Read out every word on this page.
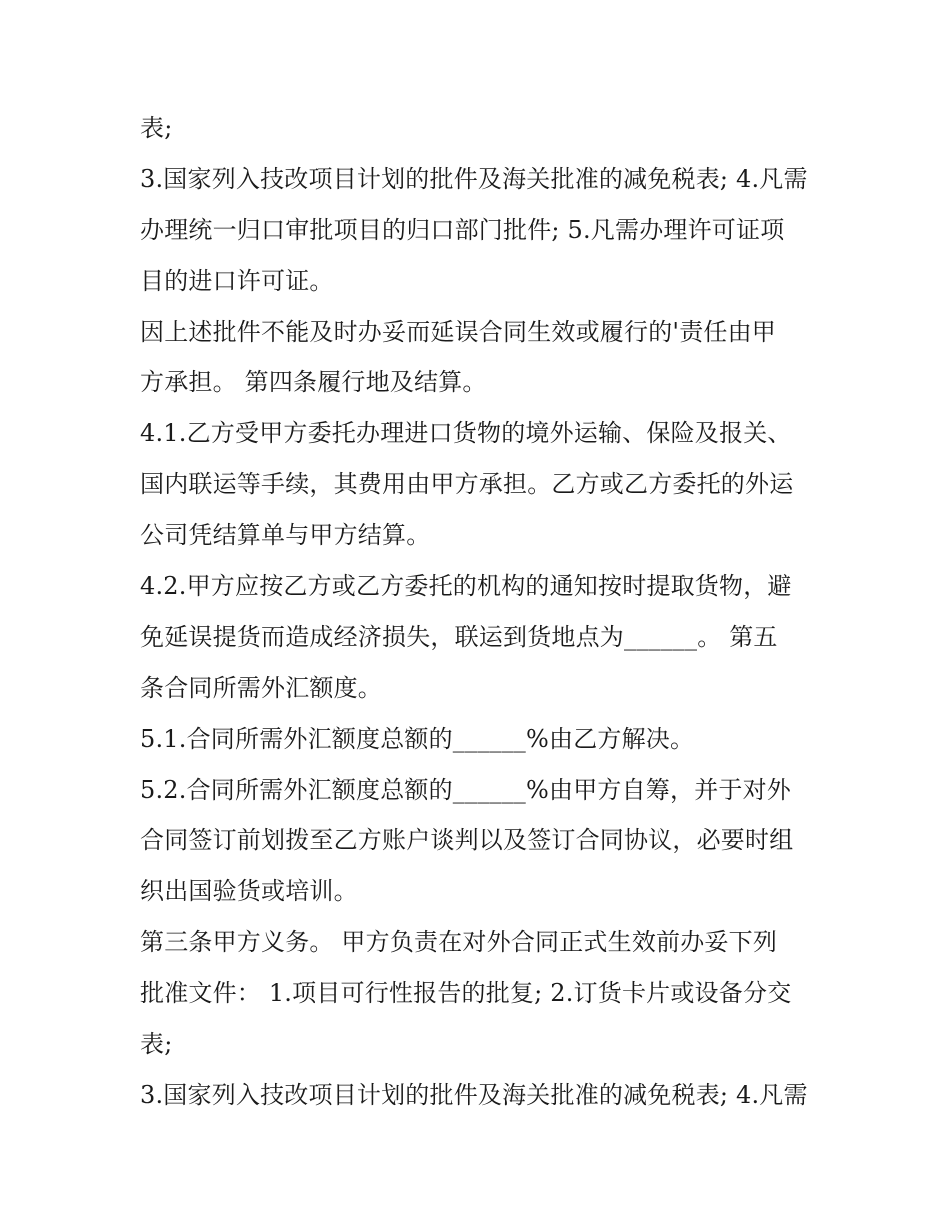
表;
3.国家列入技改项目计划的批件及海关批准的减免税表; 4.凡需
办理统一归口审批项目的归口部门批件; 5.凡需办理许可证项
目的进口许可证。
因上述批件不能及时办妥而延误合同生效或履行的'责任由甲
方承担。 第四条履行地及结算。
4.1.乙方受甲方委托办理进口货物的境外运输、保险及报关、
国内联运等手续，其费用由甲方承担。乙方或乙方委托的外运
公司凭结算单与甲方结算。
4.2.甲方应按乙方或乙方委托的机构的通知按时提取货物，避
免延误提货而造成经济损失，联运到货地点为______。 第五
条合同所需外汇额度。
5.1.合同所需外汇额度总额的______%由乙方解决。
5.2.合同所需外汇额度总额的______%由甲方自筹，并于对外
合同签订前划拨至乙方账户谈判以及签订合同协议，必要时组
织出国验货或培训。
第三条甲方义务。 甲方负责在对外合同正式生效前办妥下列
批准文件： 1.项目可行性报告的批复; 2.订货卡片或设备分交
表;
3.国家列入技改项目计划的批件及海关批准的减免税表; 4.凡需
